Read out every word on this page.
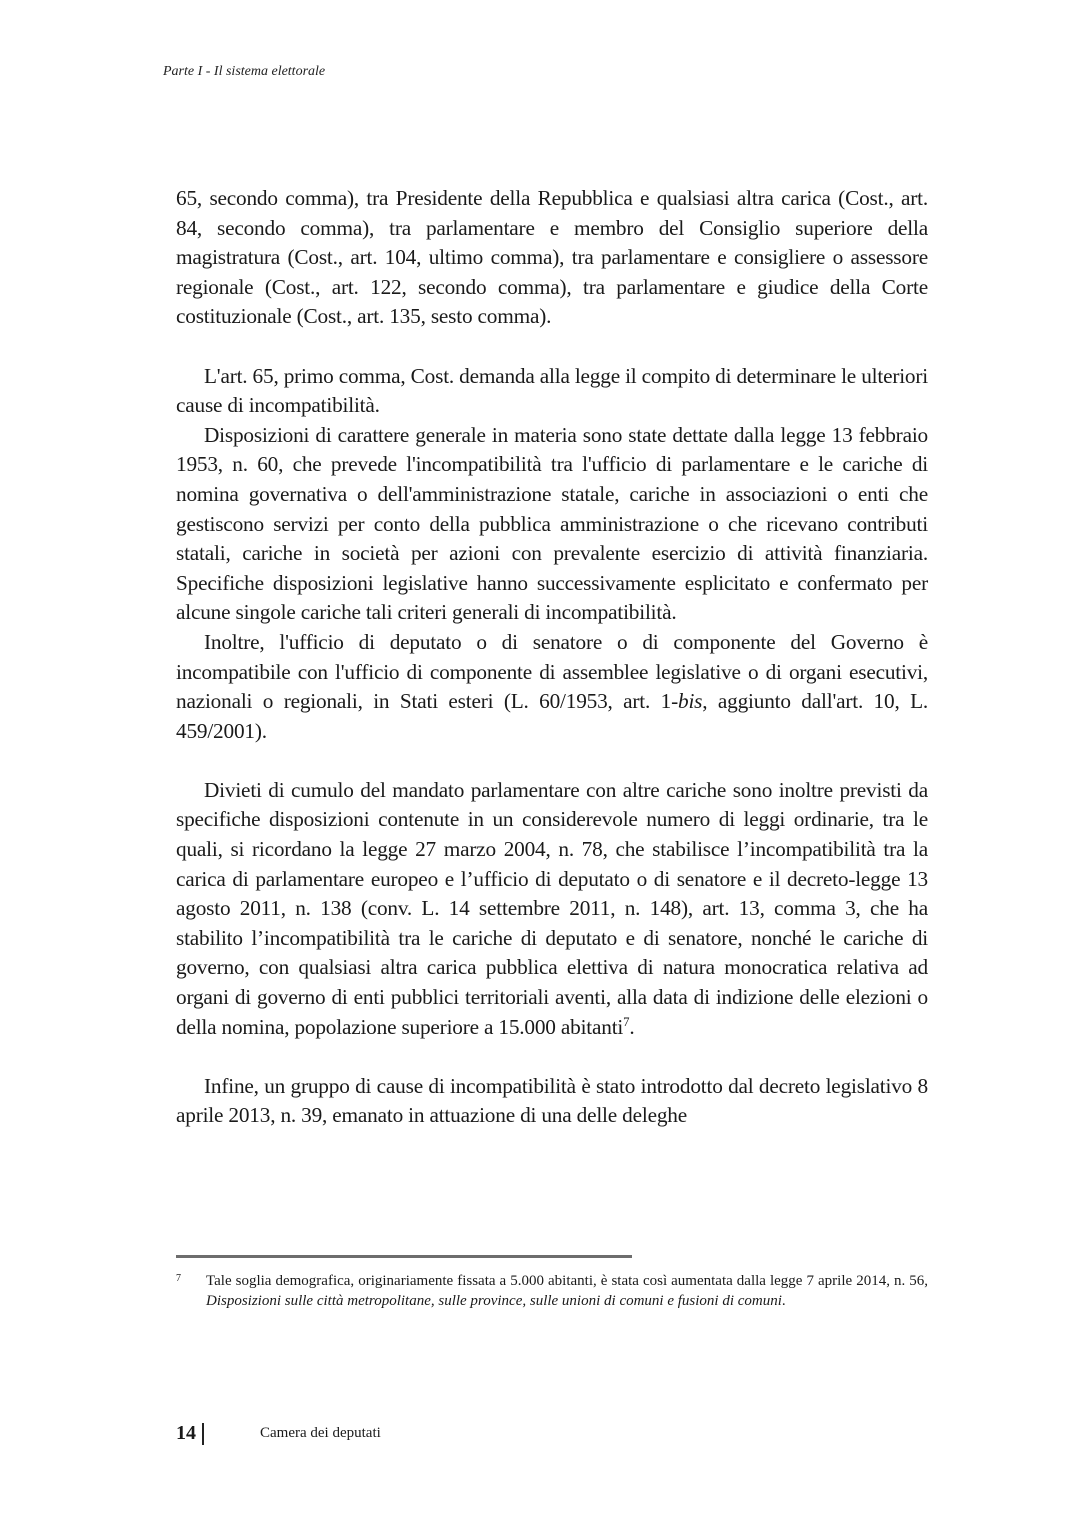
Parte I - Il sistema elettorale

65, secondo comma), tra Presidente della Repubblica e qualsiasi altra carica (Cost., art. 84, secondo comma), tra parlamentare e membro del Consiglio superiore della magistratura (Cost., art. 104, ultimo comma), tra parlamentare e consigliere o assessore regionale (Cost., art. 122, secondo comma), tra parlamentare e giudice della Corte costituzionale (Cost., art. 135, sesto comma).

L'art. 65, primo comma, Cost. demanda alla legge il compito di determinare le ulteriori cause di incompatibilità.

Disposizioni di carattere generale in materia sono state dettate dalla legge 13 febbraio 1953, n. 60, che prevede l'incompatibilità tra l'ufficio di parlamentare e le cariche di nomina governativa o dell'amministrazione statale, cariche in associazioni o enti che gestiscono servizi per conto della pubblica amministrazione o che ricevano contributi statali, cariche in società per azioni con prevalente esercizio di attività finanziaria. Specifiche disposizioni legislative hanno successivamente esplicitato e confermato per alcune singole cariche tali criteri generali di incompatibilità.

Inoltre, l'ufficio di deputato o di senatore o di componente del Governo è incompatibile con l'ufficio di componente di assemblee legislative o di organi esecutivi, nazionali o regionali, in Stati esteri (L. 60/1953, art. 1-bis, aggiunto dall'art. 10, L. 459/2001).

Divieti di cumulo del mandato parlamentare con altre cariche sono inoltre previsti da specifiche disposizioni contenute in un considerevole numero di leggi ordinarie, tra le quali, si ricordano la legge 27 marzo 2004, n. 78, che stabilisce l’incompatibilità tra la carica di parlamentare europeo e l’ufficio di deputato o di senatore e il decreto-legge 13 agosto 2011, n. 138 (conv. L. 14 settembre 2011, n. 148), art. 13, comma 3, che ha stabilito l’incompatibilità tra le cariche di deputato e di senatore, nonché le cariche di governo, con qualsiasi altra carica pubblica elettiva di natura monocratica relativa ad organi di governo di enti pubblici territoriali aventi, alla data di indizione delle elezioni o della nomina, popolazione superiore a 15.000 abitanti$^7$.

Infine, un gruppo di cause di incompatibilità è stato introdotto dal decreto legislativo 8 aprile 2013, n. 39, emanato in attuazione di una delle deleghe

7	Tale soglia demografica, originariamente fissata a 5.000 abitanti, è stata così aumentata dalla legge 7 aprile 2014, n. 56, Disposizioni sulle città metropolitane, sulle province, sulle unioni di comuni e fusioni di comuni.
14	Camera dei deputati
